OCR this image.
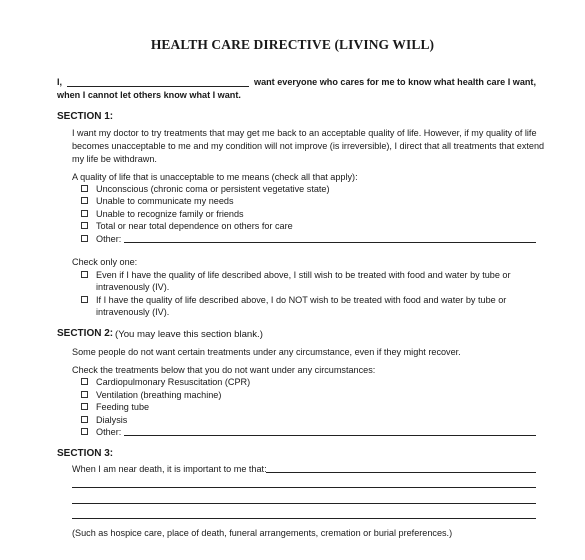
HEALTH CARE DIRECTIVE (LIVING WILL)
I,	want everyone who cares for me to know what health care I want,
when I cannot let others know what I want.
SECTION 1:
I want my doctor to try treatments that may get me back to an acceptable quality of life. However, if my quality of life
becomes unacceptable to me and my condition will not improve (is irreversible), I direct that all treatments that extend
my life be withdrawn.
A quality of life that is unacceptable to me means (check all that apply):
Unconscious (chronic coma or persistent vegetative state)
Unable to communicate my needs
Unable to recognize family or friends
Total or near total dependence on others for care
Other:
Check only one:
Even if I have the quality of life described above, I still wish to be treated with food and water by tube or
intravenously (IV).
If I have the quality of life described above, I do NOT wish to be treated with food and water by tube or
intravenously (IV).
SECTION 2: (You may leave this section blank.)
Some people do not want certain treatments under any circumstance, even if they might recover.
Check the treatments below that you do not want under any circumstances:
Cardiopulmonary Resuscitation (CPR)
Ventilation (breathing machine)
Feeding tube
Dialysis
Other:
SECTION 3:
When I am near death, it is important to me that:
(Such as hospice care, place of death, funeral arrangements, cremation or burial preferences.)
